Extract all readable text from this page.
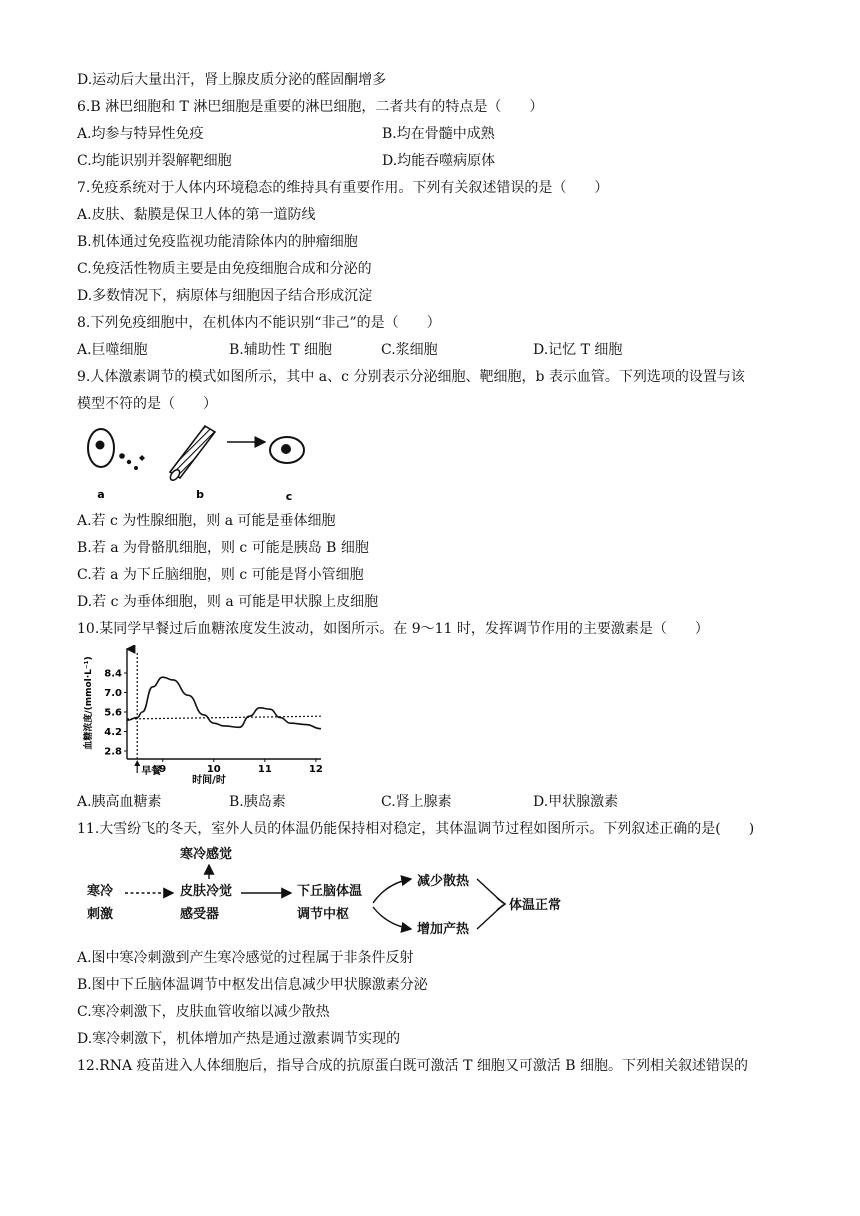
D.运动后大量出汗，肾上腺皮质分泌的醛固酮增多
6.B 淋巴细胞和 T 淋巴细胞是重要的淋巴细胞，二者共有的特点是（　　）
A.均参与特异性免疫	B.均在骨髓中成熟
C.均能识别并裂解靶细胞	D.均能吞噬病原体
7.免疫系统对于人体内环境稳态的维持具有重要作用。下列有关叙述错误的是（　　）
A.皮肤、黏膜是保卫人体的第一道防线
B.机体通过免疫监视功能清除体内的肿瘤细胞
C.免疫活性物质主要是由免疫细胞合成和分泌的
D.多数情况下，病原体与细胞因子结合形成沉淀
8.下列免疫细胞中，在机体内不能识别“非己”的是（　　）
A.巨噬细胞	B.辅助性 T 细胞	C.浆细胞	D.记忆 T 细胞
9.人体激素调节的模式如图所示，其中 a、c 分别表示分泌细胞、靶细胞，b 表示血管。下列选项的设置与该
模型不符的是（　　）
a	b	c
A.若 c 为性腺细胞，则 a 可能是垂体细胞
B.若 a 为骨骼肌细胞，则 c 可能是胰岛 B 细胞
C.若 a 为下丘脑细胞，则 c 可能是肾小管细胞
D.若 c 为垂体细胞，则 a 可能是甲状腺上皮细胞
10.某同学早餐过后血糖浓度发生波动，如图所示。在 9～11 时，发挥调节作用的主要激素是（　　）
血糖浓度/(mmol·L⁻¹)
时间/时
8.4
7.0
5.6
4.2
2.8
9	10	11	12
早餐
A.胰高血糖素	B.胰岛素	C.肾上腺素	D.甲状腺激素
11.大雪纷飞的冬天，室外人员的体温仍能保持相对稳定，其体温调节过程如图所示。下列叙述正确的是(　　)
寒冷
刺激
皮肤冷觉
感受器
寒冷感觉
下丘脑体温
调节中枢
减少散热
增加产热
体温正常
A.图中寒冷刺激到产生寒冷感觉的过程属于非条件反射
B.图中下丘脑体温调节中枢发出信息减少甲状腺激素分泌
C.寒冷刺激下，皮肤血管收缩以减少散热
D.寒冷刺激下，机体增加产热是通过激素调节实现的
12.RNA 疫苗进入人体细胞后，指导合成的抗原蛋白既可激活 T 细胞又可激活 B 细胞。下列相关叙述错误的
